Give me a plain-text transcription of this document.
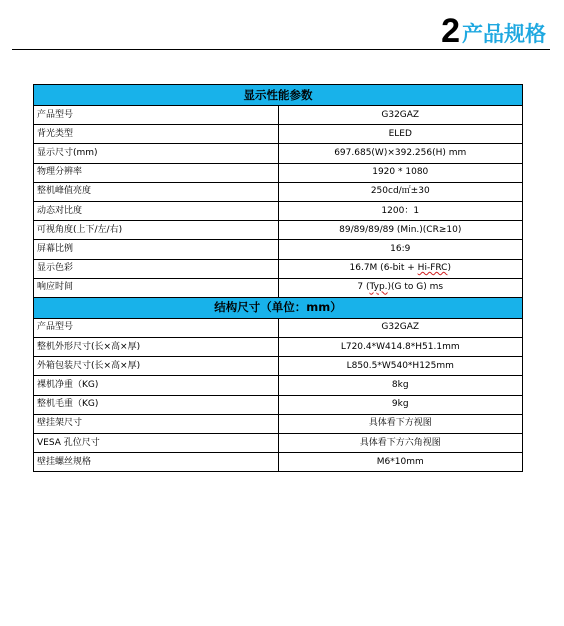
2 产品规格
显示性能参数	
产品型号	G32GAZ
背光类型	ELED
显示尺寸(mm)	697.685(W)×392.256(H) mm
物理分辨率	1920 * 1080
整机峰值亮度	250cd/㎡±30
动态对比度	1200：1
可视角度(上下/左/右)	89/89/89/89 (Min.)(CR≥10)
屏幕比例	16:9
显示色彩	16.7M (6-bit + Hi-FRC)
响应时间	7 (Typ.)(G to G) ms
结构尺寸（单位：mm）	
产品型号	G32GAZ
整机外形尺寸(长×高×厚)	L720.4*W414.8*H51.1mm
外箱包装尺寸(长×高×厚)	L850.5*W540*H125mm
裸机净重（KG)	8kg
整机毛重（KG)	9kg
壁挂架尺寸	具体看下方视图
VESA 孔位尺寸	具体看下方六角视图
壁挂螺丝规格	M6*10mm
